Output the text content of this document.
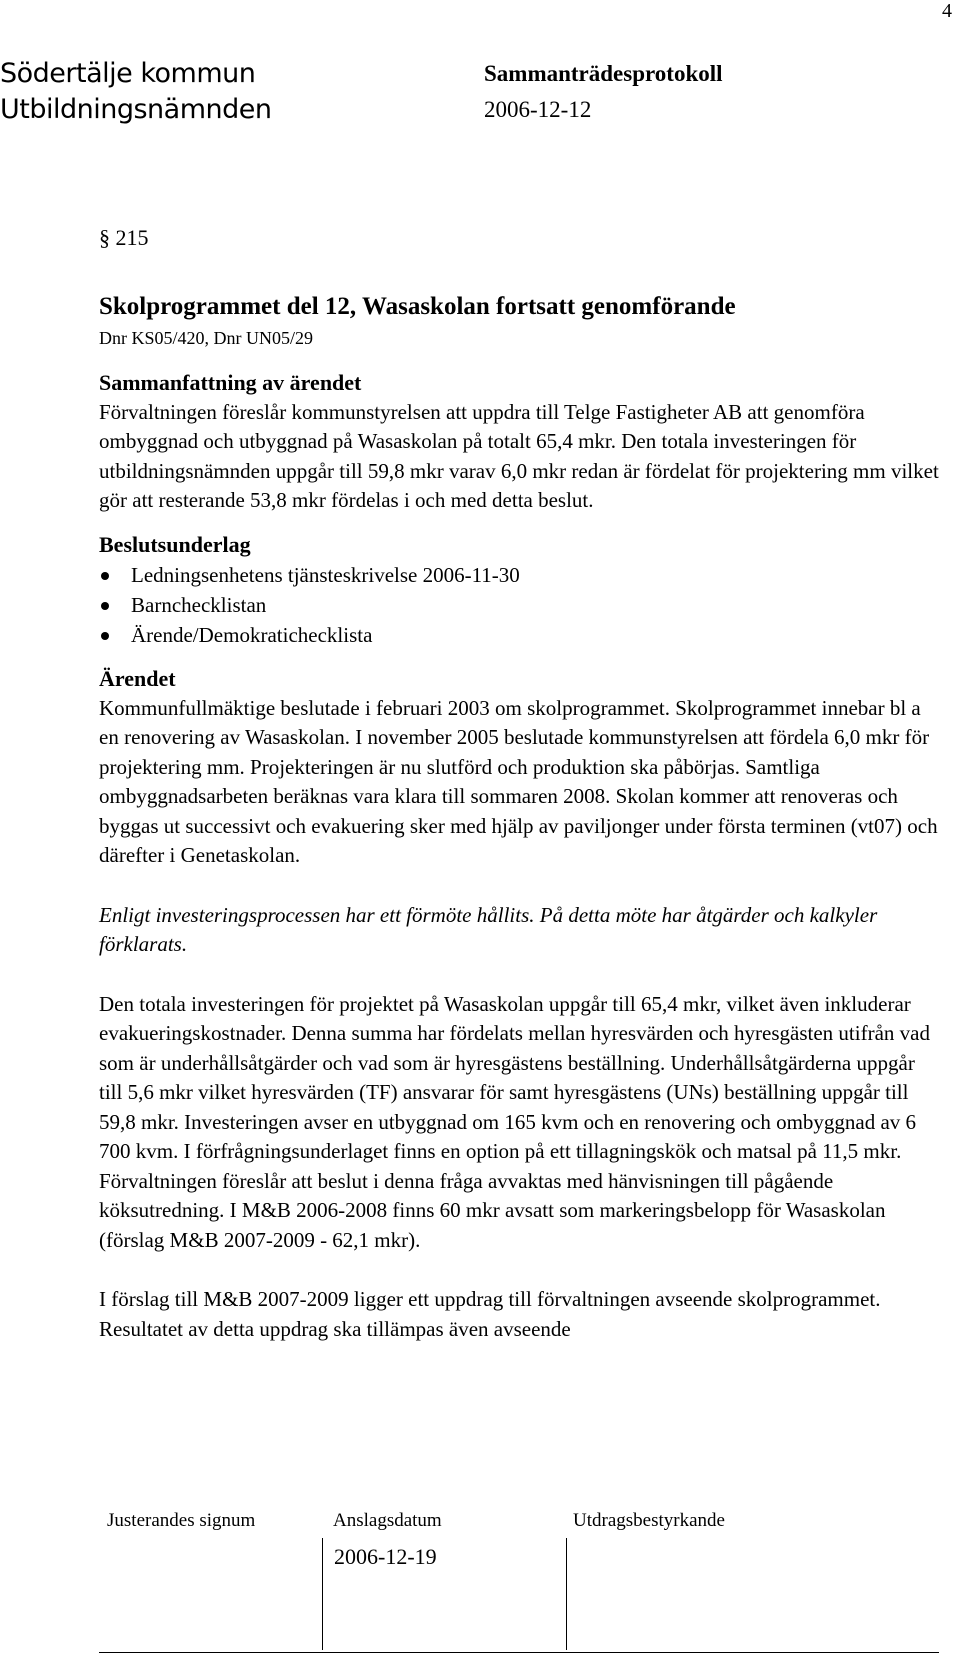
4
Södertälje kommun
Utbildningsnämnden
Sammanträdesprotokoll
2006-12-12
§ 215
Skolprogrammet del 12, Wasaskolan fortsatt genomförande
Dnr KS05/420, Dnr UN05/29
Sammanfattning av ärendet

Förvaltningen föreslår kommunstyrelsen att uppdra till Telge Fastigheter AB att genomföra ombyggnad och utbyggnad på Wasaskolan på totalt 65,4 mkr. Den totala investeringen för utbildningsnämnden uppgår till 59,8 mkr varav 6,0 mkr redan är fördelat för projektering mm vilket gör att resterande 53,8 mkr fördelas i och med detta beslut.

Beslutsunderlag
Ledningsenhetens tjänsteskrivelse 2006-11-30
Barnchecklistan
Ärende/Demokratichecklista
Ärendet

Kommunfullmäktige beslutade i februari 2003 om skolprogrammet. Skolprogrammet innebar bl a en renovering av Wasaskolan. I november 2005 beslutade kommunstyrelsen att fördela 6,0 mkr för projektering mm. Projekteringen är nu slutförd och produktion ska påbörjas. Samtliga ombyggnadsarbeten beräknas vara klara till sommaren 2008. Skolan kommer att renoveras och byggas ut successivt och evakuering sker med hjälp av paviljonger under första terminen (vt07) och därefter i Genetaskolan.

Enligt investeringsprocessen har ett förmöte hållits. På detta möte har åtgärder och kalkyler förklarats.

Den totala investeringen för projektet på Wasaskolan uppgår till 65,4 mkr, vilket även inkluderar evakueringskostnader. Denna summa har fördelats mellan hyresvärden och hyresgästen utifrån vad som är underhållsåtgärder och vad som är hyresgästens beställning. Underhållsåtgärderna uppgår till 5,6 mkr vilket hyresvärden (TF) ansvarar för samt hyresgästens (UNs) beställning uppgår till 59,8 mkr. Investeringen avser en utbyggnad om 165 kvm och en renovering och ombyggnad av 6 700 kvm. I förfrågningsunderlaget finns en option på ett tillagningskök och matsal på 11,5 mkr. Förvaltningen föreslår att beslut i denna fråga avvaktas med hänvisningen till pågående köksutredning. I M&B 2006-2008 finns 60 mkr avsatt som markeringsbelopp för Wasaskolan (förslag M&B 2007-2009 - 62,1 mkr).

I förslag till M&B 2007-2009 ligger ett uppdrag till förvaltningen avseende skolprogrammet. Resultatet av detta uppdrag ska tillämpas även avseende

Justerandes signum	Anslagsdatum	Utdragsbestyrkande
2006-12-19
